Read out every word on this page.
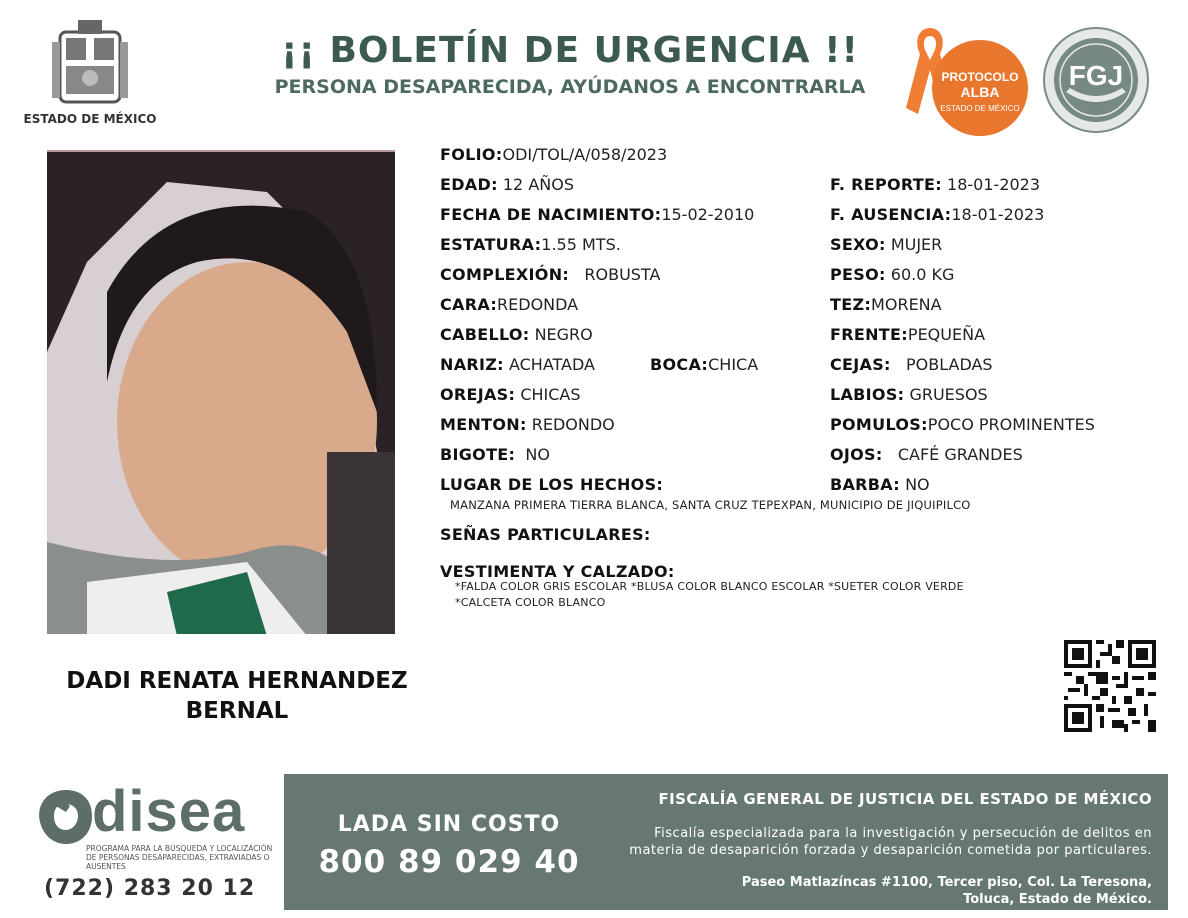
ESTADO DE MÉXICO
¡¡ BOLETÍN DE URGENCIA !!
PERSONA DESAPARECIDA, AYÚDANOS A ENCONTRARLA	PROTOCOLO
ALBA
ESTADO DE MÉXICO
FGJ
DADI RENATA HERNANDEZ BERNAL
FOLIO:ODI/TOL/A/058/2023
EDAD: 12 AÑOS	F. REPORTE: 18-01-2023
FECHA DE NACIMIENTO:15-02-2010	F. AUSENCIA:18-01-2023
ESTATURA:1.55 MTS.	SEXO: MUJER
COMPLEXIÓN: ROBUSTA	PESO: 60.0 KG
CARA:REDONDA	TEZ:MORENA
CABELLO: NEGRO	FRENTE:PEQUEÑA
NARIZ: ACHATADA	BOCA:CHICA	CEJAS: POBLADAS
OREJAS: CHICAS	LABIOS: GRUESOS
MENTON: REDONDO	POMULOS:POCO PROMINENTES
BIGOTE: NO	OJOS: CAFÉ GRANDES
LUGAR DE LOS HECHOS:	BARBA: NO
MANZANA PRIMERA TIERRA BLANCA, SANTA CRUZ TEPEXPAN, MUNICIPIO DE JIQUIPILCO
SEÑAS PARTICULARES:
VESTIMENTA Y CALZADO:
*FALDA COLOR GRIS ESCOLAR *BLUSA COLOR BLANCO ESCOLAR *SUETER COLOR VERDE
*CALCETA COLOR BLANCO
disea
PROGRAMA PARA LA BÚSQUEDA Y LOCALIZACIÓN
DE PERSONAS DESAPARECIDAS, EXTRAVIADAS O
AUSENTES
(722) 283 20 12
LADA SIN COSTO
800 89 029 40
FISCALÍA GENERAL DE JUSTICIA DEL ESTADO DE MÉXICO
Fiscalía especializada para la investigación y persecución de delitos en
materia de desaparición forzada y desaparición cometida por particulares.
Paseo Matlazíncas #1100, Tercer piso, Col. La Teresona,
Toluca, Estado de México.
